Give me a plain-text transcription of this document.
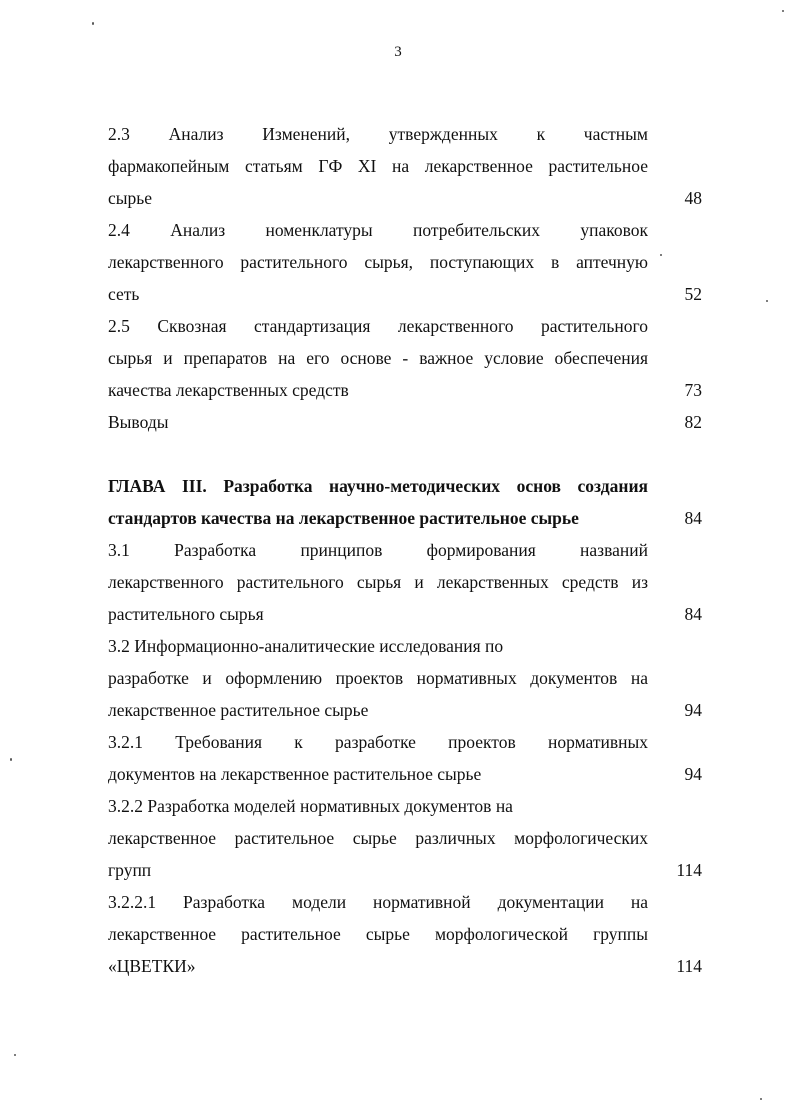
3
2.3 Анализ Изменений, утвержденных к частным
фармакопейным статьям ГФ XI на лекарственное растительное
сырье	48
2.4 Анализ номенклатуры потребительских упаковок
лекарственного растительного сырья, поступающих в аптечную
сеть	52
2.5 Сквозная стандартизация лекарственного растительного
сырья и препаратов на его основе - важное условие обеспечения
качества лекарственных средств	73
Выводы	82
ГЛАВА III. Разработка научно-методических основ создания
стандартов качества на лекарственное растительное сырье	84
3.1 Разработка принципов формирования названий
лекарственного растительного сырья и лекарственных средств из
растительного сырья	84
3.2 Информационно-аналитические исследования по
разработке и оформлению проектов нормативных документов на
лекарственное растительное сырье	94
3.2.1 Требования к разработке проектов нормативных
документов на лекарственное растительное сырье	94
3.2.2 Разработка моделей нормативных документов на
лекарственное растительное сырье различных морфологических
групп	114
3.2.2.1 Разработка модели нормативной документации на
лекарственное растительное сырье морфологической группы
«ЦВЕТКИ»	114
